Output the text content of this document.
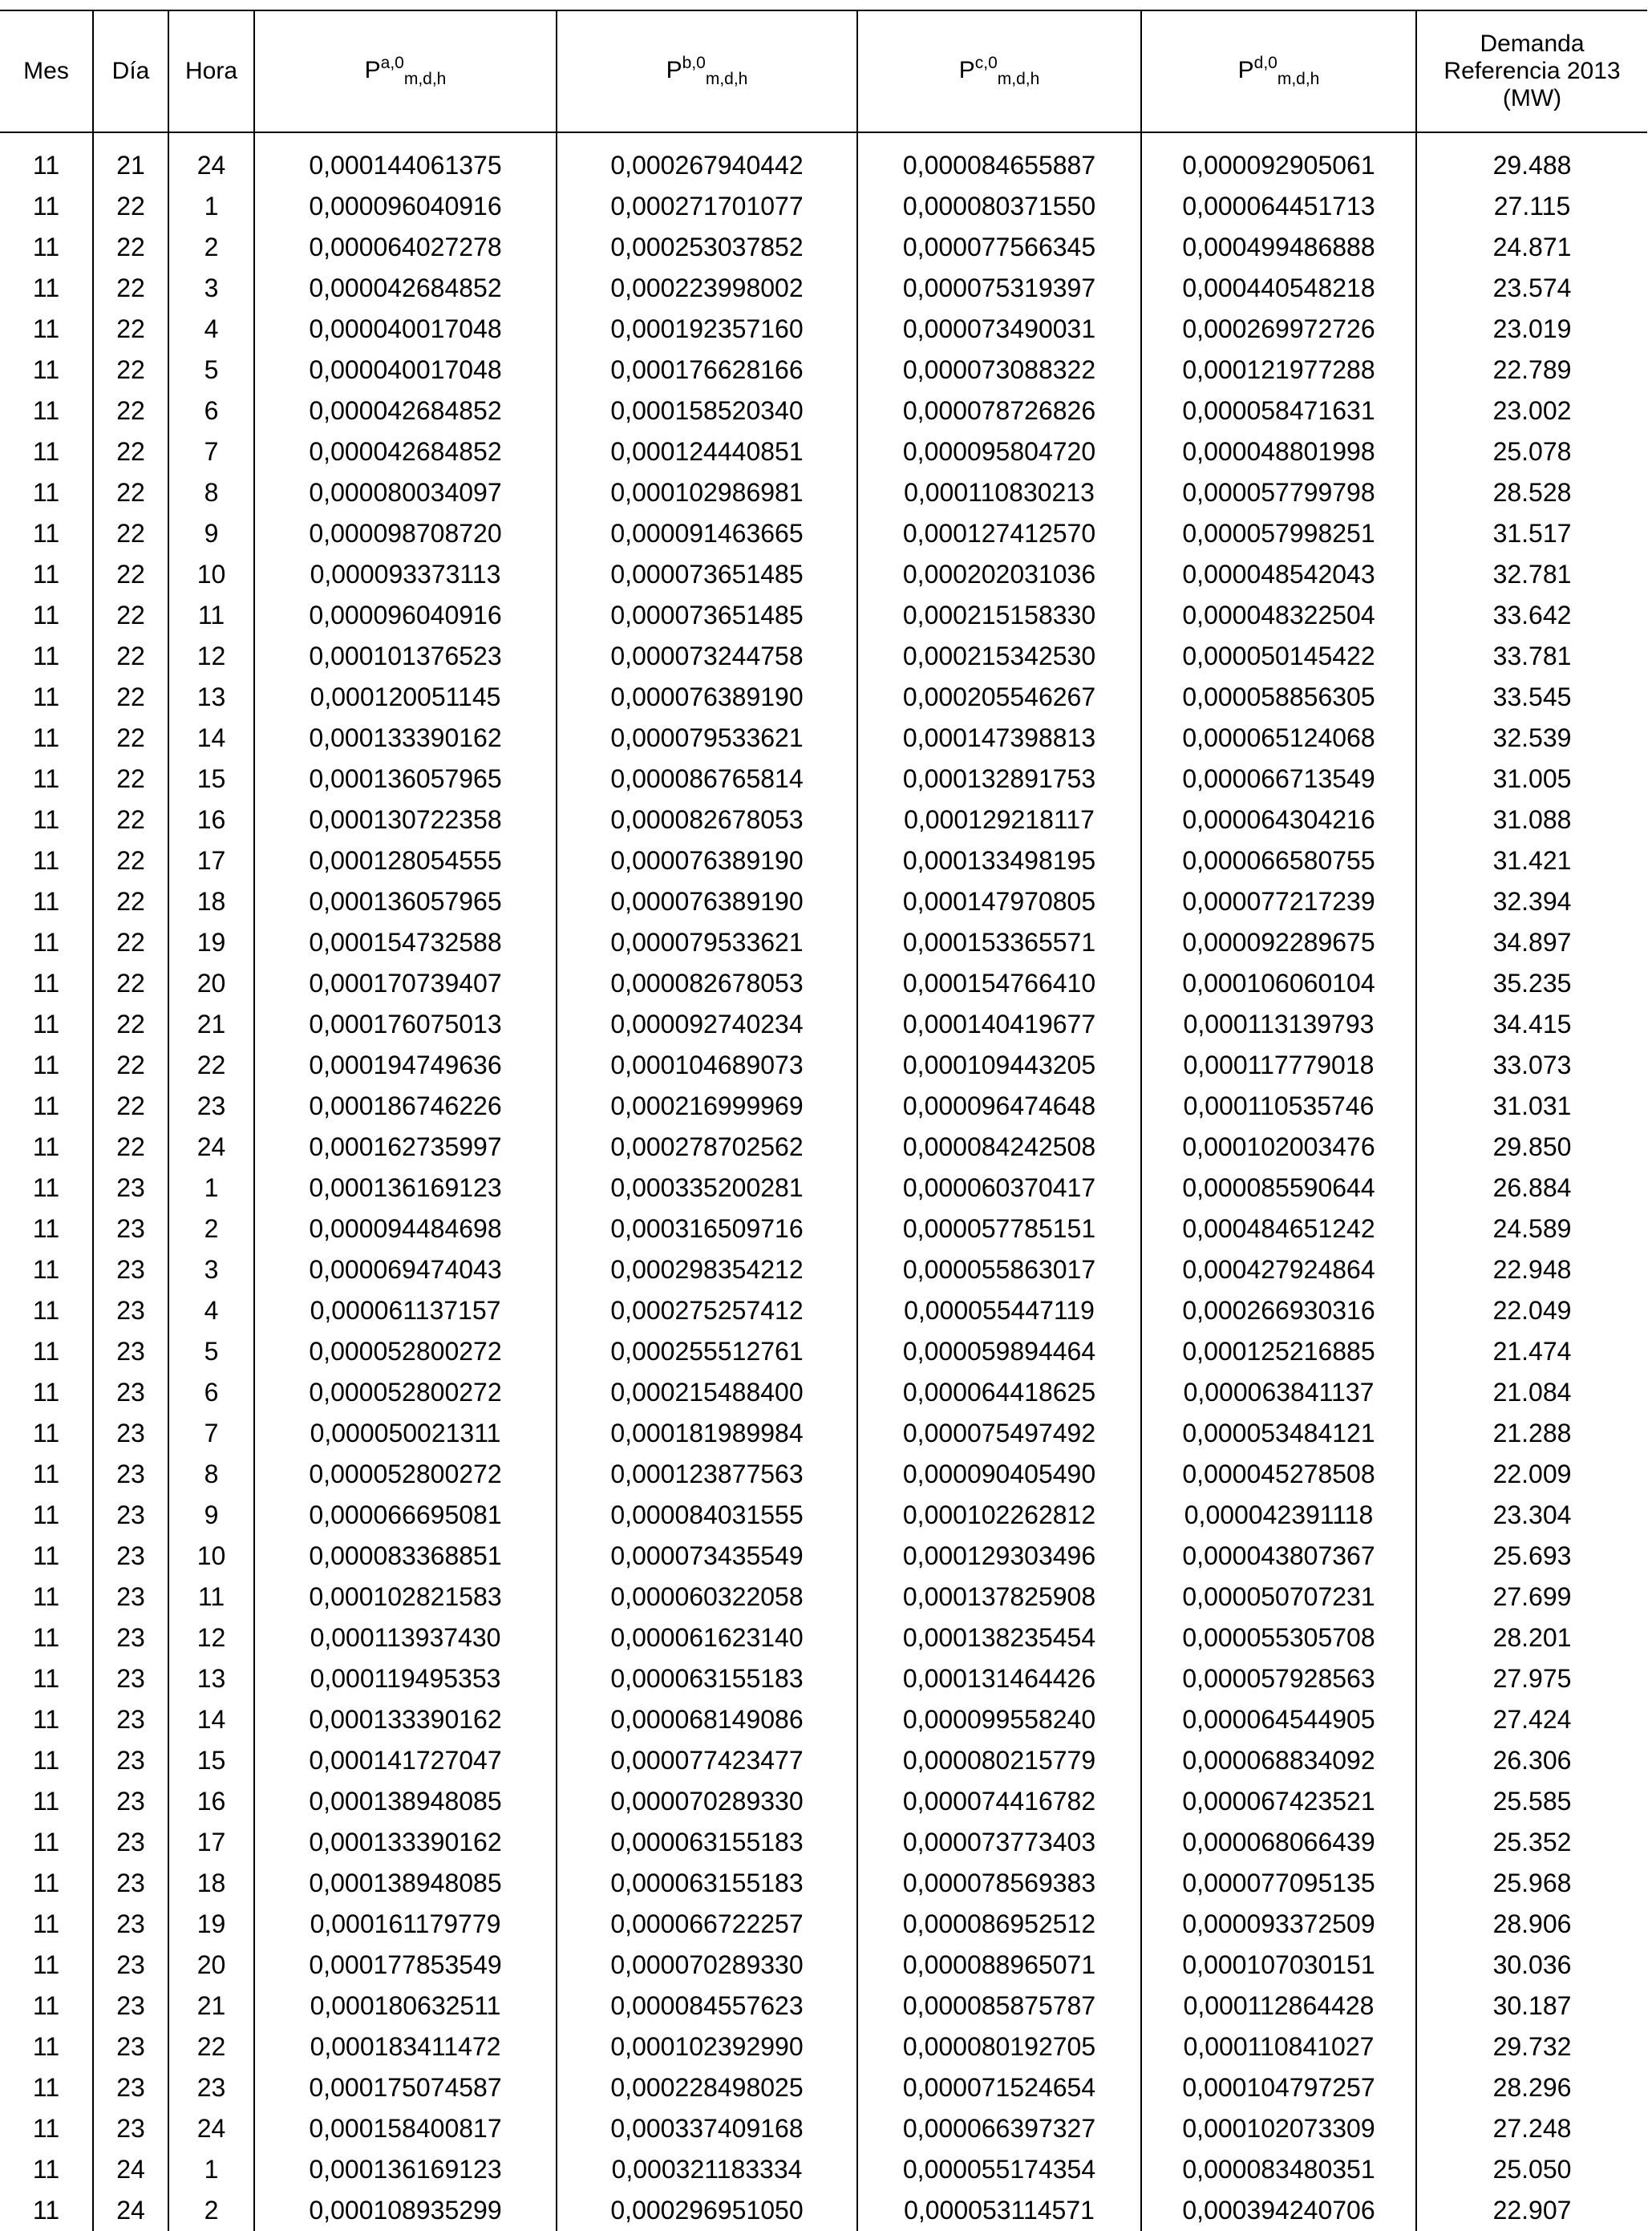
Mes	Día	Hora	P$^{a,0}_{m,d,h}$	P$^{b,0}_{m,d,h}$	P$^{c,0}_{m,d,h}$	P$^{d,0}_{m,d,h}$	Demanda
Referencia 2013
(MW)

11	21	24	0,000144061375	0,000267940442	0,000084655887	0,000092905061	29.488
11	22	1	0,000096040916	0,000271701077	0,000080371550	0,000064451713	27.115
11	22	2	0,000064027278	0,000253037852	0,000077566345	0,000499486888	24.871
11	22	3	0,000042684852	0,000223998002	0,000075319397	0,000440548218	23.574
11	22	4	0,000040017048	0,000192357160	0,000073490031	0,000269972726	23.019
11	22	5	0,000040017048	0,000176628166	0,000073088322	0,000121977288	22.789
11	22	6	0,000042684852	0,000158520340	0,000078726826	0,000058471631	23.002
11	22	7	0,000042684852	0,000124440851	0,000095804720	0,000048801998	25.078
11	22	8	0,000080034097	0,000102986981	0,000110830213	0,000057799798	28.528
11	22	9	0,000098708720	0,000091463665	0,000127412570	0,000057998251	31.517
11	22	10	0,000093373113	0,000073651485	0,000202031036	0,000048542043	32.781
11	22	11	0,000096040916	0,000073651485	0,000215158330	0,000048322504	33.642
11	22	12	0,000101376523	0,000073244758	0,000215342530	0,000050145422	33.781
11	22	13	0,000120051145	0,000076389190	0,000205546267	0,000058856305	33.545
11	22	14	0,000133390162	0,000079533621	0,000147398813	0,000065124068	32.539
11	22	15	0,000136057965	0,000086765814	0,000132891753	0,000066713549	31.005
11	22	16	0,000130722358	0,000082678053	0,000129218117	0,000064304216	31.088
11	22	17	0,000128054555	0,000076389190	0,000133498195	0,000066580755	31.421
11	22	18	0,000136057965	0,000076389190	0,000147970805	0,000077217239	32.394
11	22	19	0,000154732588	0,000079533621	0,000153365571	0,000092289675	34.897
11	22	20	0,000170739407	0,000082678053	0,000154766410	0,000106060104	35.235
11	22	21	0,000176075013	0,000092740234	0,000140419677	0,000113139793	34.415
11	22	22	0,000194749636	0,000104689073	0,000109443205	0,000117779018	33.073
11	22	23	0,000186746226	0,000216999969	0,000096474648	0,000110535746	31.031
11	22	24	0,000162735997	0,000278702562	0,000084242508	0,000102003476	29.850
11	23	1	0,000136169123	0,000335200281	0,000060370417	0,000085590644	26.884
11	23	2	0,000094484698	0,000316509716	0,000057785151	0,000484651242	24.589
11	23	3	0,000069474043	0,000298354212	0,000055863017	0,000427924864	22.948
11	23	4	0,000061137157	0,000275257412	0,000055447119	0,000266930316	22.049
11	23	5	0,000052800272	0,000255512761	0,000059894464	0,000125216885	21.474
11	23	6	0,000052800272	0,000215488400	0,000064418625	0,000063841137	21.084
11	23	7	0,000050021311	0,000181989984	0,000075497492	0,000053484121	21.288
11	23	8	0,000052800272	0,000123877563	0,000090405490	0,000045278508	22.009
11	23	9	0,000066695081	0,000084031555	0,000102262812	0,000042391118	23.304
11	23	10	0,000083368851	0,000073435549	0,000129303496	0,000043807367	25.693
11	23	11	0,000102821583	0,000060322058	0,000137825908	0,000050707231	27.699
11	23	12	0,000113937430	0,000061623140	0,000138235454	0,000055305708	28.201
11	23	13	0,000119495353	0,000063155183	0,000131464426	0,000057928563	27.975
11	23	14	0,000133390162	0,000068149086	0,000099558240	0,000064544905	27.424
11	23	15	0,000141727047	0,000077423477	0,000080215779	0,000068834092	26.306
11	23	16	0,000138948085	0,000070289330	0,000074416782	0,000067423521	25.585
11	23	17	0,000133390162	0,000063155183	0,000073773403	0,000068066439	25.352
11	23	18	0,000138948085	0,000063155183	0,000078569383	0,000077095135	25.968
11	23	19	0,000161179779	0,000066722257	0,000086952512	0,000093372509	28.906
11	23	20	0,000177853549	0,000070289330	0,000088965071	0,000107030151	30.036
11	23	21	0,000180632511	0,000084557623	0,000085875787	0,000112864428	30.187
11	23	22	0,000183411472	0,000102392990	0,000080192705	0,000110841027	29.732
11	23	23	0,000175074587	0,000228498025	0,000071524654	0,000104797257	28.296
11	23	24	0,000158400817	0,000337409168	0,000066397327	0,000102073309	27.248
11	24	1	0,000136169123	0,000321183334	0,000055174354	0,000083480351	25.050
11	24	2	0,000108935299	0,000296951050	0,000053114571	0,000394240706	22.907
